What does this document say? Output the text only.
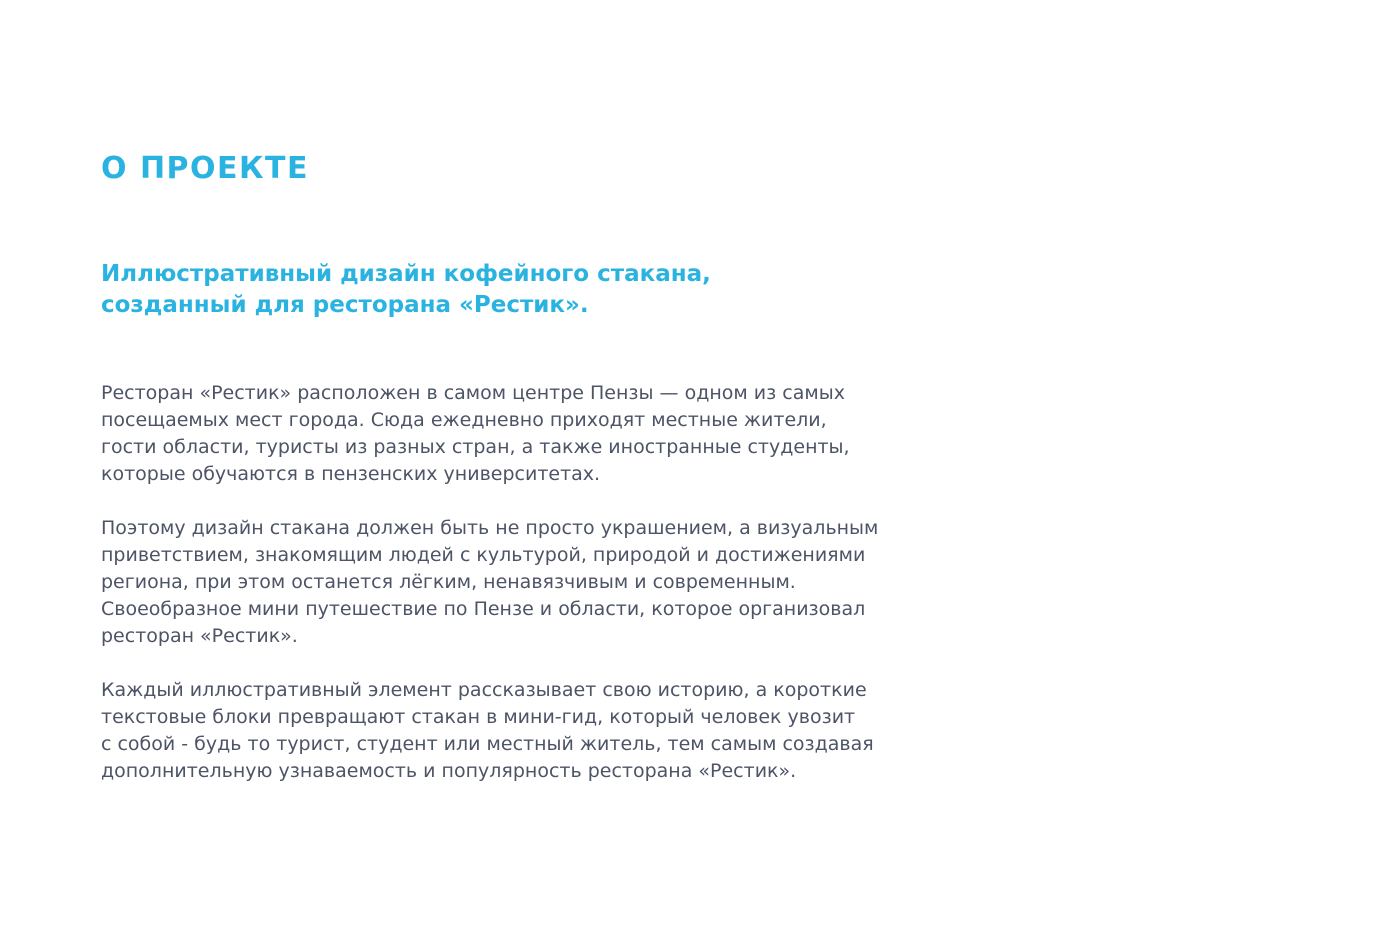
О ПРОЕКТЕ
Иллюстративный дизайн кофейного стакана,
созданный для ресторана «Рестик».

Ресторан «Рестик» расположен в самом центре Пензы — одном из самых
посещаемых мест города. Сюда ежедневно приходят местные жители,
гости области, туристы из разных стран, а также иностранные студенты,
которые обучаются в пензенских университетах.

Поэтому дизайн стакана должен быть не просто украшением, а визуальным
приветствием, знакомящим людей с культурой, природой и достижениями
региона, при этом останется лёгким, ненавязчивым и современным.
Своеобразное мини путешествие по Пензе и области, которое организовал
ресторан «Рестик».

Каждый иллюстративный элемент рассказывает свою историю, а короткие
текстовые блоки превращают стакан в мини-гид, который человек увозит
с собой - будь то турист, студент или местный житель, тем самым создавая
дополнительную узнаваемость и популярность ресторана «Рестик».
